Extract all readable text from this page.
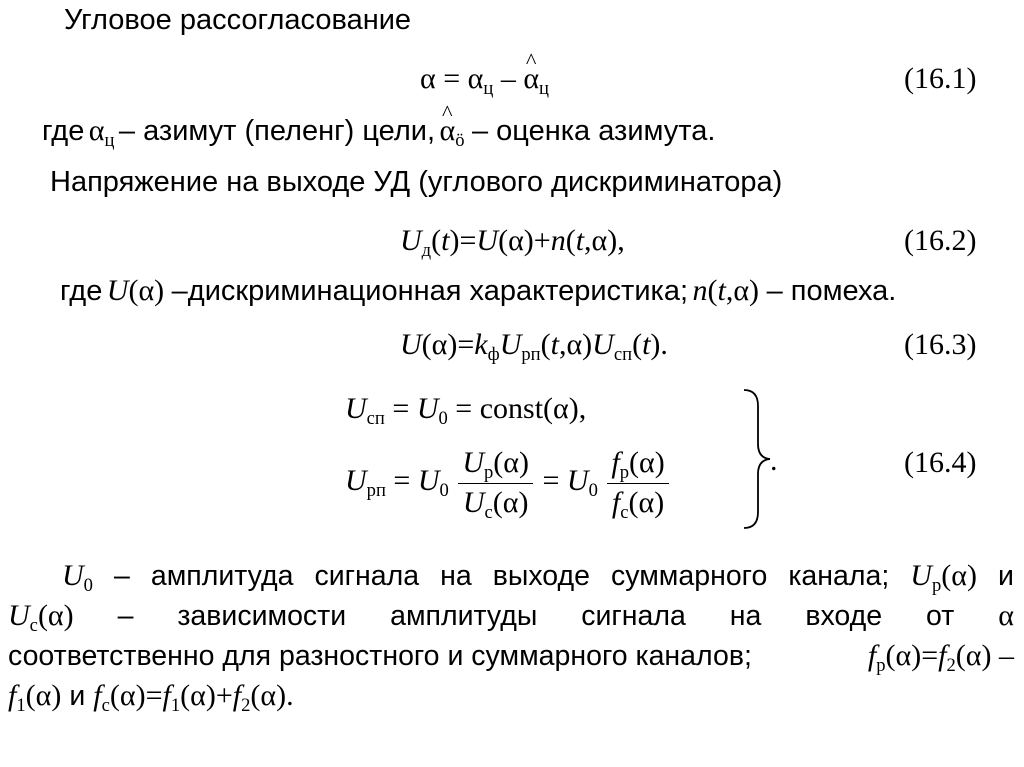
Угловое рассогласование
$\alpha = \alpha_ц$ – ^ $\alpha_ц$	(16.1)
где $\alpha_ц$ – азимут (пеленг) цели, ^ $\alpha_ö$ – оценка азимута.
Напряжение на выходе УД (углового дискриминатора)
$U_д(t)=U(\alpha)+n(t,\alpha)$,	(16.2)
где U(α) –дискриминационная характеристика; n(t,α) – помеха.
$U(\alpha)=k_фU_{рп}(t,\alpha)U_{сп}(t)$.	(16.3)
$U_{сп} = U_0$ = const(α),
$U_{рп} = U_0 \frac{U_р(\alpha)}{U_с(\alpha)} = U_0 \frac{f_р(\alpha)}{f_с(\alpha)}$	.	(16.4)
$U_0$ – амплитуда сигнала на выходе суммарного канала; $U_р(\alpha)$ и
$U_с(\alpha)$ – зависимости амплитуды сигнала на входе от α
соответственно для разностного и суммарного каналов;	$f_р(\alpha)=f_2(\alpha)$ –
$f_1(\alpha)$ и $f_с(\alpha)=f_1(\alpha)+f_2(\alpha)$.
